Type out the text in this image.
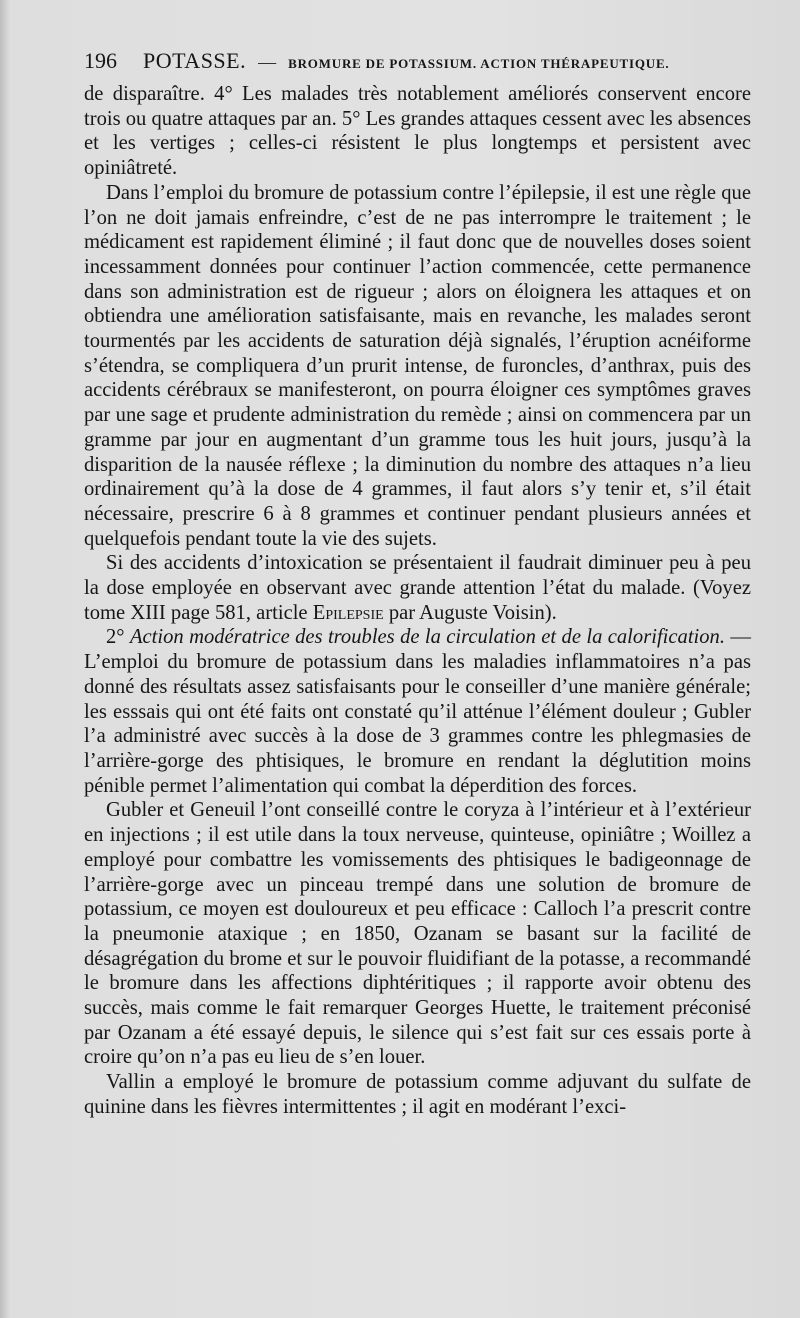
196 POTASSE. — BROMURE DE POTASSIUM. ACTION THÉRAPEUTIQUE.

de disparaître. 4° Les malades très notablement améliorés conservent encore trois ou quatre attaques par an. 5° Les grandes attaques cessent avec les absences et les vertiges ; celles-ci résistent le plus longtemps et persistent avec opiniâtreté.

Dans l’emploi du bromure de potassium contre l’épilepsie, il est une règle que l’on ne doit jamais enfreindre, c’est de ne pas interrompre le traitement ; le médicament est rapidement éliminé ; il faut donc que de nouvelles doses soient incessamment données pour continuer l’action commencée, cette permanence dans son administration est de rigueur ; alors on éloignera les attaques et on obtiendra une amélioration satisfaisante, mais en revanche, les malades seront tourmentés par les accidents de saturation déjà signalés, l’éruption acnéiforme s’étendra, se compliquera d’un prurit intense, de furoncles, d’anthrax, puis des accidents cérébraux se manifesteront, on pourra éloigner ces symptômes graves par une sage et prudente administration du remède ; ainsi on commencera par un gramme par jour en augmentant d’un gramme tous les huit jours, jusqu’à la disparition de la nausée réflexe ; la diminution du nombre des attaques n’a lieu ordinairement qu’à la dose de 4 grammes, il faut alors s’y tenir et, s’il était nécessaire, prescrire 6 à 8 grammes et continuer pendant plusieurs années et quelquefois pendant toute la vie des sujets.

Si des accidents d’intoxication se présentaient il faudrait diminuer peu à peu la dose employée en observant avec grande attention l’état du malade. (Voyez tome XIII page 581, article Epilepsie par Auguste Voisin).

2° Action modératrice des troubles de la circulation et de la calorification. — L’emploi du bromure de potassium dans les maladies inflammatoires n’a pas donné des résultats assez satisfaisants pour le conseiller d’une manière générale; les esssais qui ont été faits ont constaté qu’il atténue l’élément douleur ; Gubler l’a administré avec succès à la dose de 3 grammes contre les phlegmasies de l’arrière-gorge des phtisiques, le bromure en rendant la déglutition moins pénible permet l’alimentation qui combat la déperdition des forces.

Gubler et Geneuil l’ont conseillé contre le coryza à l’intérieur et à l’extérieur en injections ; il est utile dans la toux nerveuse, quinteuse, opiniâtre ; Woillez a employé pour combattre les vomissements des phtisiques le badigeonnage de l’arrière-gorge avec un pinceau trempé dans une solution de bromure de potassium, ce moyen est douloureux et peu efficace : Calloch l’a prescrit contre la pneumonie ataxique ; en 1850, Ozanam se basant sur la facilité de désagrégation du brome et sur le pouvoir fluidifiant de la potasse, a recommandé le bromure dans les affections diphtéritiques ; il rapporte avoir obtenu des succès, mais comme le fait remarquer Georges Huette, le traitement préconisé par Ozanam a été essayé depuis, le silence qui s’est fait sur ces essais porte à croire qu’on n’a pas eu lieu de s’en louer.

Vallin a employé le bromure de potassium comme adjuvant du sulfate de quinine dans les fièvres intermittentes ; il agit en modérant l’exci-
